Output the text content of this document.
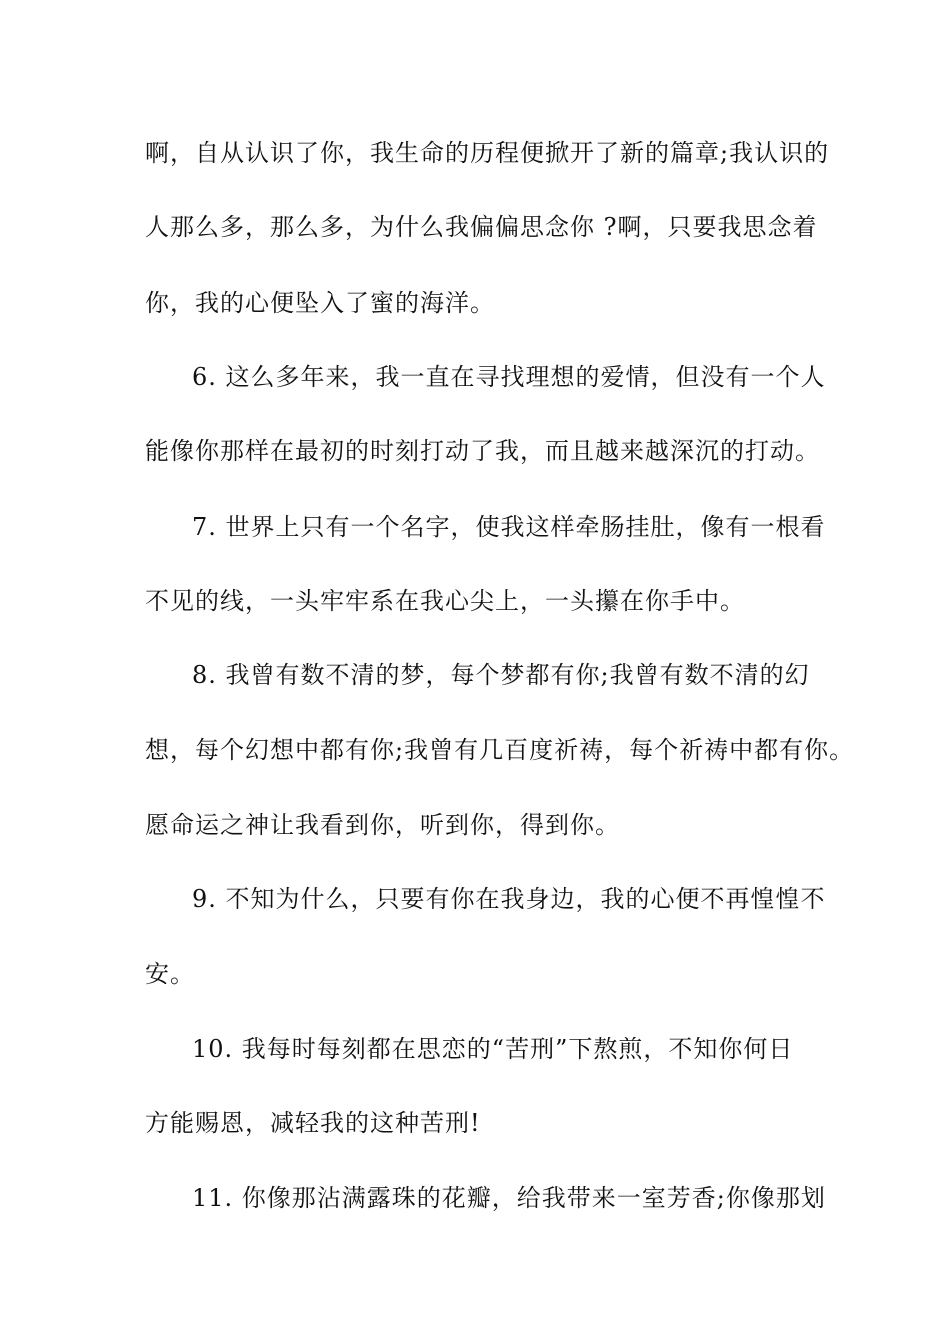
啊，自从认识了你，我生命的历程便掀开了新的篇章;我认识的
人那么多，那么多，为什么我偏偏思念你 ?啊，只要我思念着
你，我的心便坠入了蜜的海洋。
6. 这么多年来，我一直在寻找理想的爱情，但没有一个人
能像你那样在最初的时刻打动了我，而且越来越深沉的打动。
7. 世界上只有一个名字，使我这样牵肠挂肚，像有一根看
不见的线，一头牢牢系在我心尖上，一头攥在你手中。
8. 我曾有数不清的梦，每个梦都有你;我曾有数不清的幻
想，每个幻想中都有你;我曾有几百度祈祷，每个祈祷中都有你。
愿命运之神让我看到你，听到你，得到你。
9. 不知为什么，只要有你在我身边，我的心便不再惶惶不
安。
10. 我每时每刻都在思恋的“苦刑”下熬煎，不知你何日
方能赐恩，减轻我的这种苦刑!
11. 你像那沾满露珠的花瓣，给我带来一室芳香;你像那划
